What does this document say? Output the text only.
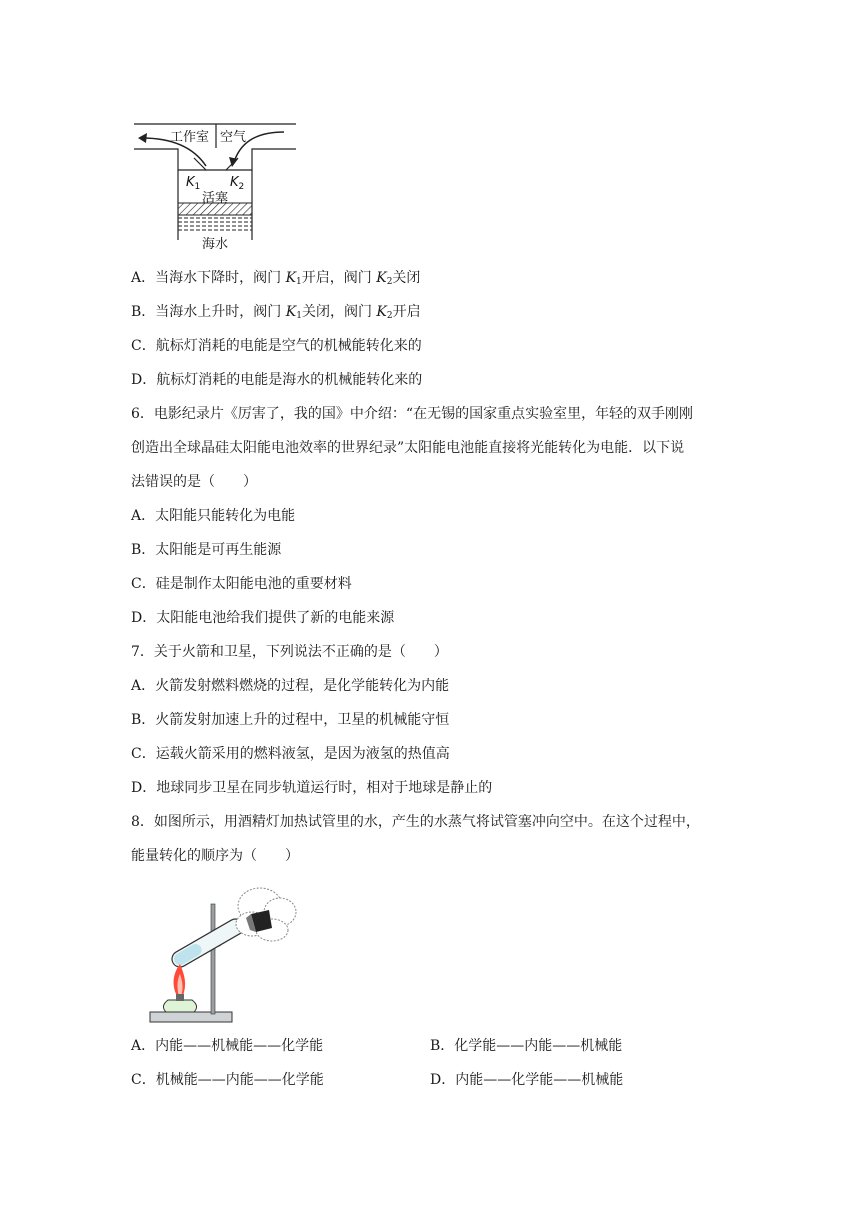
工作室 空气
$K_1$ $K_2$
活塞
海水
A．当海水下降时，阀门 $K_1$开启，阀门 $K_2$关闭
B．当海水上升时，阀门 $K_1$关闭，阀门 $K_2$开启
C．航标灯消耗的电能是空气的机械能转化来的
D．航标灯消耗的电能是海水的机械能转化来的
6．电影纪录片《厉害了，我的国》中介绍：“在无锡的国家重点实验室里，年轻的双手刚刚
创造出全球晶硅太阳能电池效率的世界纪录”太阳能电池能直接将光能转化为电能．以下说
法错误的是（　　）
A．太阳能只能转化为电能
B．太阳能是可再生能源
C．硅是制作太阳能电池的重要材料
D．太阳能电池给我们提供了新的电能来源
7．关于火箭和卫星，下列说法不正确的是（　　）
A．火箭发射燃料燃烧的过程，是化学能转化为内能
B．火箭发射加速上升的过程中，卫星的机械能守恒
C．运载火箭采用的燃料液氢，是因为液氢的热值高
D．地球同步卫星在同步轨道运行时，相对于地球是静止的
8．如图所示，用酒精灯加热试管里的水，产生的水蒸气将试管塞冲向空中。在这个过程中，
能量转化的顺序为（　　）
A．内能——机械能——化学能	B．化学能——内能——机械能
C．机械能——内能——化学能	D．内能——化学能——机械能
